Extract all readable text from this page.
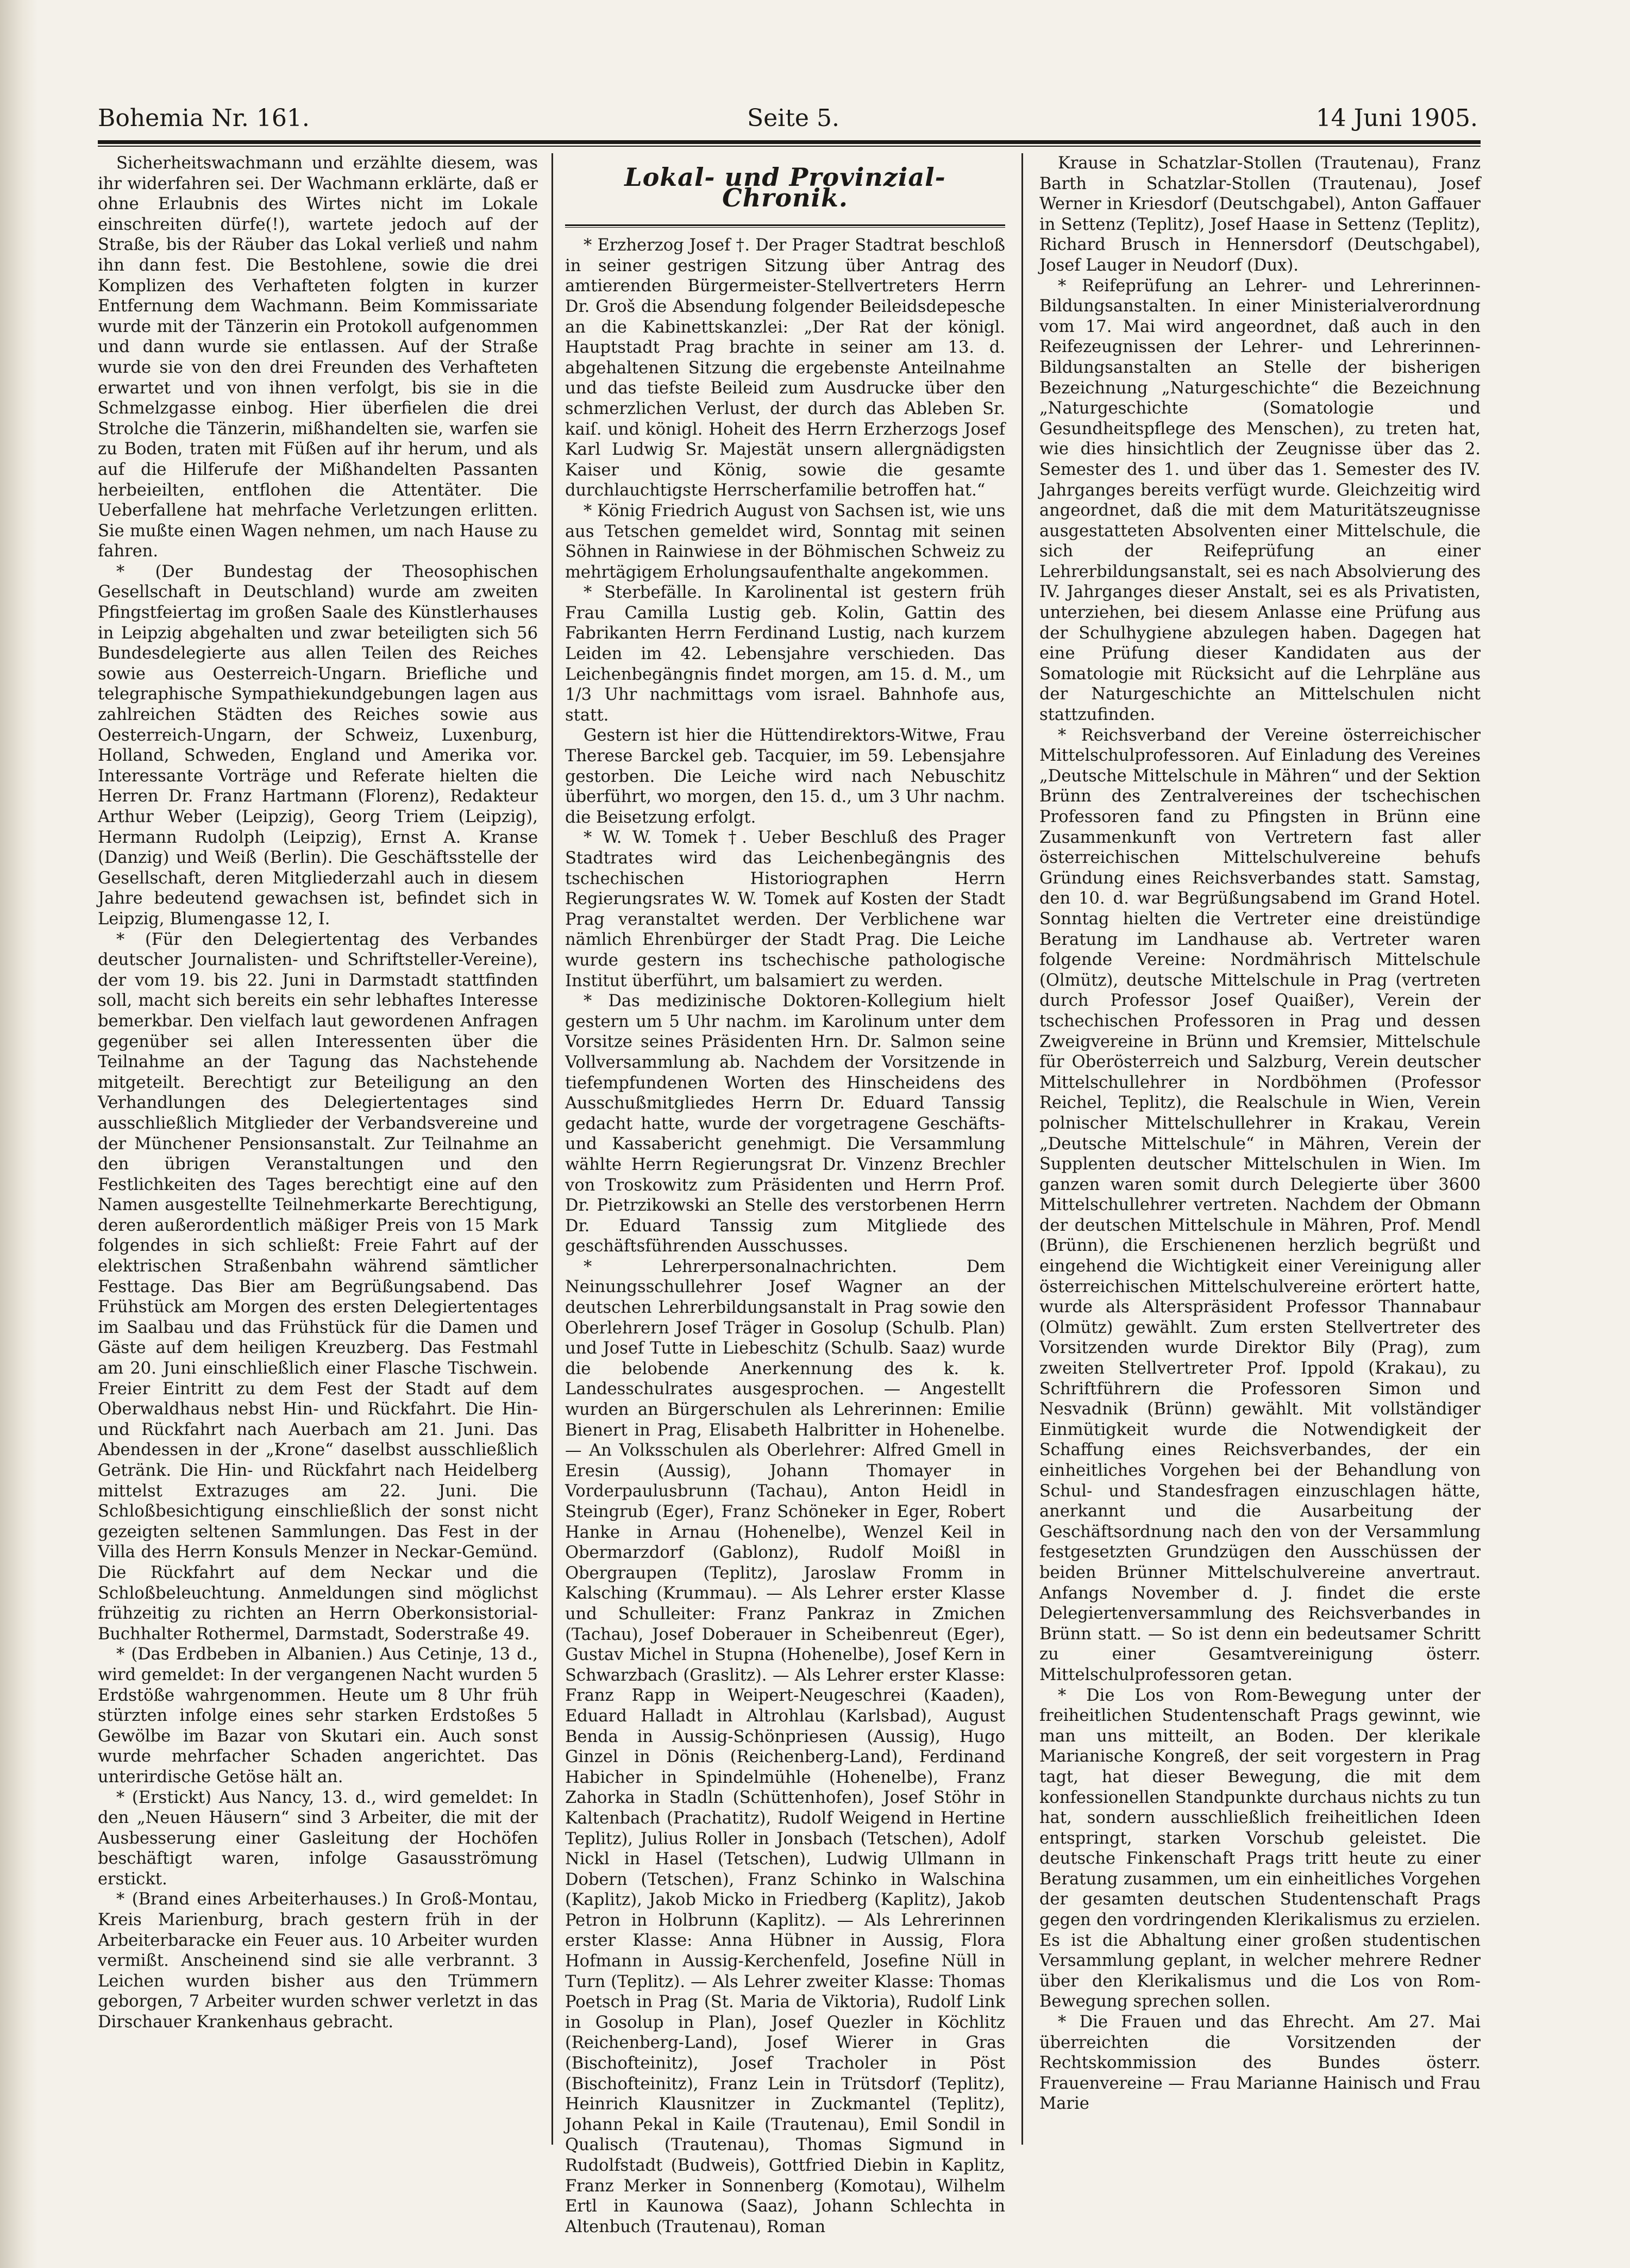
Bohemia Nr. 161.	Seite 5.	14 Juni 1905.

Sicherheitswachmann und erzählte diesem, was ihr widerfahren sei. Der Wachmann erklärte, daß er ohne Erlaubnis des Wirtes nicht im Lokale einschreiten dürfe(!), wartete jedoch auf der Straße, bis der Räuber das Lokal verließ und nahm ihn dann fest. Die Bestohlene, sowie die drei Komplizen des Verhafteten folgten in kurzer Entfernung dem Wachmann. Beim Kommissariate wurde mit der Tänzerin ein Protokoll aufgenommen und dann wurde sie entlassen. Auf der Straße wurde sie von den drei Freunden des Verhafteten erwartet und von ihnen verfolgt, bis sie in die Schmelzgasse einbog. Hier überfielen die drei Strolche die Tänzerin, mißhandelten sie, warfen sie zu Boden, traten mit Füßen auf ihr herum, und als auf die Hilferufe der Mißhandelten Passanten herbeieilten, entflohen die Attentäter. Die Ueberfallene hat mehrfache Verletzungen erlitten. Sie mußte einen Wagen nehmen, um nach Hause zu fahren.

* (Der Bundestag der Theosophischen Gesellschaft in Deutschland) wurde am zweiten Pfingstfeiertag im großen Saale des Künstlerhauses in Leipzig abgehalten und zwar beteiligten sich 56 Bundesdelegierte aus allen Teilen des Reiches sowie aus Oesterreich-Ungarn. Briefliche und telegraphische Sympathiekundgebungen lagen aus zahlreichen Städten des Reiches sowie aus Oesterreich-Ungarn, der Schweiz, Luxenburg, Holland, Schweden, England und Amerika vor. Interessante Vorträge und Referate hielten die Herren Dr. Franz Hartmann (Florenz), Redakteur Arthur Weber (Leipzig), Georg Triem (Leipzig), Hermann Rudolph (Leipzig), Ernst A. Kranse (Danzig) und Weiß (Berlin). Die Geschäftsstelle der Gesellschaft, deren Mitgliederzahl auch in diesem Jahre bedeutend gewachsen ist, befindet sich in Leipzig, Blumengasse 12, I.

* (Für den Delegiertentag des Verbandes deutscher Journalisten- und Schriftsteller-Vereine), der vom 19. bis 22. Juni in Darmstadt stattfinden soll, macht sich bereits ein sehr lebhaftes Interesse bemerkbar. Den vielfach laut gewordenen Anfragen gegenüber sei allen Interessenten über die Teilnahme an der Tagung das Nachstehende mitgeteilt. Berechtigt zur Beteiligung an den Verhandlungen des Delegiertentages sind ausschließlich Mitglieder der Verbandsvereine und der Münchener Pensionsanstalt. Zur Teilnahme an den übrigen Veranstaltungen und den Festlichkeiten des Tages berechtigt eine auf den Namen ausgestellte Teilnehmerkarte Berechtigung, deren außerordentlich mäßiger Preis von 15 Mark folgendes in sich schließt: Freie Fahrt auf der elektrischen Straßenbahn während sämtlicher Festtage. Das Bier am Begrüßungsabend. Das Frühstück am Morgen des ersten Delegiertentages im Saalbau und das Frühstück für die Damen und Gäste auf dem heiligen Kreuzberg. Das Festmahl am 20. Juni einschließlich einer Flasche Tischwein. Freier Eintritt zu dem Fest der Stadt auf dem Oberwaldhaus nebst Hin- und Rückfahrt. Die Hin- und Rückfahrt nach Auerbach am 21. Juni. Das Abendessen in der „Krone“ daselbst ausschließlich Getränk. Die Hin- und Rückfahrt nach Heidelberg mittelst Extrazuges am 22. Juni. Die Schloßbesichtigung einschließlich der sonst nicht gezeigten seltenen Sammlungen. Das Fest in der Villa des Herrn Konsuls Menzer in Neckar-Gemünd. Die Rückfahrt auf dem Neckar und die Schloßbeleuchtung. Anmeldungen sind möglichst frühzeitig zu richten an Herrn Oberkonsistorial-Buchhalter Rothermel, Darmstadt, Soderstraße 49.

* (Das Erdbeben in Albanien.) Aus Cetinje, 13 d., wird gemeldet: In der vergangenen Nacht wurden 5 Erdstöße wahrgenommen. Heute um 8 Uhr früh stürzten infolge eines sehr starken Erdstoßes 5 Gewölbe im Bazar von Skutari ein. Auch sonst wurde mehrfacher Schaden angerichtet. Das unterirdische Getöse hält an.

* (Erstickt) Aus Nancy, 13. d., wird gemeldet: In den „Neuen Häusern“ sind 3 Arbeiter, die mit der Ausbesserung einer Gasleitung der Hochöfen beschäftigt waren, infolge Gasausströmung erstickt.

* (Brand eines Arbeiterhauses.) In Groß-Montau, Kreis Marienburg, brach gestern früh in der Arbeiterbaracke ein Feuer aus. 10 Arbeiter wurden vermißt. Anscheinend sind sie alle verbrannt. 3 Leichen wurden bisher aus den Trümmern geborgen, 7 Arbeiter wurden schwer verletzt in das Dirschauer Krankenhaus gebracht.

Lokal- und Provinzial-Chronik.

* Erzherzog Josef †. Der Prager Stadtrat beschloß in seiner gestrigen Sitzung über Antrag des amtierenden Bürgermeister-Stellvertreters Herrn Dr. Groš die Absendung folgender Beileidsdepesche an die Kabinettskanzlei: „Der Rat der königl. Hauptstadt Prag brachte in seiner am 13. d. abgehaltenen Sitzung die ergebenste Anteilnahme und das tiefste Beileid zum Ausdrucke über den schmerzlichen Verlust, der durch das Ableben Sr. kaiſ. und königl. Hoheit des Herrn Erzherzogs Josef Karl Ludwig Sr. Majestät unsern allergnädigsten Kaiser und König, sowie die gesamte durchlauchtigste Herrscherfamilie betroffen hat.“

* König Friedrich August von Sachsen ist, wie uns aus Tetschen gemeldet wird, Sonntag mit seinen Söhnen in Rainwiese in der Böhmischen Schweiz zu mehrtägigem Erholungsaufenthalte angekommen.

* Sterbefälle. In Karolinental ist gestern früh Frau Camilla Lustig geb. Kolin, Gattin des Fabrikanten Herrn Ferdinand Lustig, nach kurzem Leiden im 42. Lebensjahre verschieden. Das Leichenbegängnis findet morgen, am 15. d. M., um 1/3 Uhr nachmittags vom israel. Bahnhofe aus, statt.

Gestern ist hier die Hüttendirektors-Witwe, Frau Therese Barckel geb. Tacquier, im 59. Lebensjahre gestorben. Die Leiche wird nach Nebuschitz überführt, wo morgen, den 15. d., um 3 Uhr nachm. die Beisetzung erfolgt.

* W. W. Tomek †. Ueber Beschluß des Prager Stadtrates wird das Leichenbegängnis des tschechischen Historiographen Herrn Regierungsrates W. W. Tomek auf Kosten der Stadt Prag veranstaltet werden. Der Verblichene war nämlich Ehrenbürger der Stadt Prag. Die Leiche wurde gestern ins tschechische pathologische Institut überführt, um balsamiert zu werden.

* Das medizinische Doktoren-Kollegium hielt gestern um 5 Uhr nachm. im Karolinum unter dem Vorsitze seines Präsidenten Hrn. Dr. Salmon seine Vollversammlung ab. Nachdem der Vorsitzende in tiefempfundenen Worten des Hinscheidens des Ausschußmitgliedes Herrn Dr. Eduard Tanssig gedacht hatte, wurde der vorgetragene Geschäfts- und Kassabericht genehmigt. Die Versammlung wählte Herrn Regierungsrat Dr. Vinzenz Brechler von Troskowitz zum Präsidenten und Herrn Prof. Dr. Pietrzikowski an Stelle des verstorbenen Herrn Dr. Eduard Tanssig zum Mitgliede des geschäftsführenden Ausschusses.

* Lehrerpersonalnachrichten. Dem Neinungsschullehrer Josef Wagner an der deutschen Lehrerbildungsanstalt in Prag sowie den Oberlehrern Josef Träger in Gosolup (Schulb. Plan) und Josef Tutte in Liebeschitz (Schulb. Saaz) wurde die belobende Anerkennung des k. k. Landesschulrates ausgesprochen. — Angestellt wurden an Bürgerschulen als Lehrerinnen: Emilie Bienert in Prag, Elisabeth Halbritter in Hohenelbe. — An Volksschulen als Oberlehrer: Alfred Gmell in Eresin (Aussig), Johann Thomayer in Vorderpaulusbrunn (Tachau), Anton Heidl in Steingrub (Eger), Franz Schöneker in Eger, Robert Hanke in Arnau (Hohenelbe), Wenzel Keil in Obermarzdorf (Gablonz), Rudolf Moißl in Obergraupen (Teplitz), Jaroslaw Fromm in Kalsching (Krummau). — Als Lehrer erster Klasse und Schulleiter: Franz Pankraz in Zmichen (Tachau), Josef Doberauer in Scheibenreut (Eger), Gustav Michel in Stupna (Hohenelbe), Josef Kern in Schwarzbach (Graslitz). — Als Lehrer erster Klasse: Franz Rapp in Weipert-Neugeschrei (Kaaden), Eduard Halladt in Altrohlau (Karlsbad), August Benda in Aussig-Schönpriesen (Aussig), Hugo Ginzel in Dönis (Reichenberg-Land), Ferdinand Habicher in Spindelmühle (Hohenelbe), Franz Zahorka in Stadln (Schüttenhofen), Josef Stöhr in Kaltenbach (Prachatitz), Rudolf Weigend in Hertine Teplitz), Julius Roller in Jonsbach (Tetschen), Adolf Nickl in Hasel (Tetschen), Ludwig Ullmann in Dobern (Tetschen), Franz Schinko in Walschina (Kaplitz), Jakob Micko in Friedberg (Kaplitz), Jakob Petron in Holbrunn (Kaplitz). — Als Lehrerinnen erster Klasse: Anna Hübner in Aussig, Flora Hofmann in Aussig-Kerchenfeld, Josefine Nüll in Turn (Teplitz). — Als Lehrer zweiter Klasse: Thomas Poetsch in Prag (St. Maria de Viktoria), Rudolf Link in Gosolup in Plan), Josef Quezler in Köchlitz (Reichenberg-Land), Josef Wierer in Gras (Bischofteinitz), Josef Tracholer in Pöst (Bischofteinitz), Franz Lein in Trütsdorf (Teplitz), Heinrich Klausnitzer in Zuckmantel (Teplitz), Johann Pekal in Kaile (Trautenau), Emil Sondil in Qualisch (Trautenau), Thomas Sigmund in Rudolfstadt (Budweis), Gottfried Diebin in Kaplitz, Franz Merker in Sonnenberg (Komotau), Wilhelm Ertl in Kaunowa (Saaz), Johann Schlechta in Altenbuch (Trautenau), Roman

Krause in Schatzlar-Stollen (Trautenau), Franz Barth in Schatzlar-Stollen (Trautenau), Josef Werner in Kriesdorf (Deutschgabel), Anton Gaffauer in Settenz (Teplitz), Josef Haase in Settenz (Teplitz), Richard Brusch in Hennersdorf (Deutschgabel), Josef Lauger in Neudorf (Dux).

* Reifeprüfung an Lehrer- und Lehrerinnen-Bildungsanstalten. In einer Ministerialverordnung vom 17. Mai wird angeordnet, daß auch in den Reifezeugnissen der Lehrer- und Lehrerinnen-Bildungsanstalten an Stelle der bisherigen Bezeichnung „Naturgeschichte“ die Bezeichnung „Naturgeschichte (Somatologie und Gesundheitspflege des Menschen), zu treten hat, wie dies hinsichtlich der Zeugnisse über das 2. Semester des 1. und über das 1. Semester des IV. Jahrganges bereits verfügt wurde. Gleichzeitig wird angeordnet, daß die mit dem Maturitätszeugnisse ausgestatteten Absolventen einer Mittelschule, die sich der Reifeprüfung an einer Lehrerbildungsanstalt, sei es nach Absolvierung des IV. Jahrganges dieser Anstalt, sei es als Privatisten, unterziehen, bei diesem Anlasse eine Prüfung aus der Schulhygiene abzulegen haben. Dagegen hat eine Prüfung dieser Kandidaten aus der Somatologie mit Rücksicht auf die Lehrpläne aus der Naturgeschichte an Mittelschulen nicht stattzufinden.

* Reichsverband der Vereine österreichischer Mittelschulprofessoren. Auf Einladung des Vereines „Deutsche Mittelschule in Mähren“ und der Sektion Brünn des Zentralvereines der tschechischen Professoren fand zu Pfingsten in Brünn eine Zusammenkunft von Vertretern fast aller österreichischen Mittelschulvereine behufs Gründung eines Reichsverbandes statt. Samstag, den 10. d. war Begrüßungsabend im Grand Hotel. Sonntag hielten die Vertreter eine dreistündige Beratung im Landhause ab. Vertreter waren folgende Vereine: Nordmährisch Mittelschule (Olmütz), deutsche Mittelschule in Prag (vertreten durch Professor Josef Quaißer), Verein der tschechischen Professoren in Prag und dessen Zweigvereine in Brünn und Kremsier, Mittelschule für Oberösterreich und Salzburg, Verein deutscher Mittelschullehrer in Nordböhmen (Professor Reichel, Teplitz), die Realschule in Wien, Verein polnischer Mittelschullehrer in Krakau, Verein „Deutsche Mittelschule“ in Mähren, Verein der Supplenten deutscher Mittelschulen in Wien. Im ganzen waren somit durch Delegierte über 3600 Mittelschullehrer vertreten. Nachdem der Obmann der deutschen Mittelschule in Mähren, Prof. Mendl (Brünn), die Erschienenen herzlich begrüßt und eingehend die Wichtigkeit einer Vereinigung aller österreichischen Mittelschulvereine erörtert hatte, wurde als Alterspräsident Professor Thannabaur (Olmütz) gewählt. Zum ersten Stellvertreter des Vorsitzenden wurde Direktor Bily (Prag), zum zweiten Stellvertreter Prof. Ippold (Krakau), zu Schriftführern die Professoren Simon und Nesvadnik (Brünn) gewählt. Mit vollständiger Einmütigkeit wurde die Notwendigkeit der Schaffung eines Reichsverbandes, der ein einheitliches Vorgehen bei der Behandlung von Schul- und Standesfragen einzuschlagen hätte, anerkannt und die Ausarbeitung der Geschäftsordnung nach den von der Versammlung festgesetzten Grundzügen den Ausschüssen der beiden Brünner Mittelschulvereine anvertraut. Anfangs November d. J. findet die erste Delegiertenversammlung des Reichsverbandes in Brünn statt. — So ist denn ein bedeutsamer Schritt zu einer Gesamtvereinigung österr. Mittelschulprofessoren getan.

* Die Los von Rom-Bewegung unter der freiheitlichen Studentenschaft Prags gewinnt, wie man uns mitteilt, an Boden. Der klerikale Marianische Kongreß, der seit vorgestern in Prag tagt, hat dieser Bewegung, die mit dem konfessionellen Standpunkte durchaus nichts zu tun hat, sondern ausschließlich freiheitlichen Ideen entspringt, starken Vorschub geleistet. Die deutsche Finkenschaft Prags tritt heute zu einer Beratung zusammen, um ein einheitliches Vorgehen der gesamten deutschen Studentenschaft Prags gegen den vordringenden Klerikalismus zu erzielen. Es ist die Abhaltung einer großen studentischen Versammlung geplant, in welcher mehrere Redner über den Klerikalismus und die Los von Rom-Bewegung sprechen sollen.

* Die Frauen und das Ehrecht. Am 27. Mai überreichten die Vorsitzenden der Rechtskommission des Bundes österr. Frauenvereine — Frau Marianne Hainisch und Frau Marie
